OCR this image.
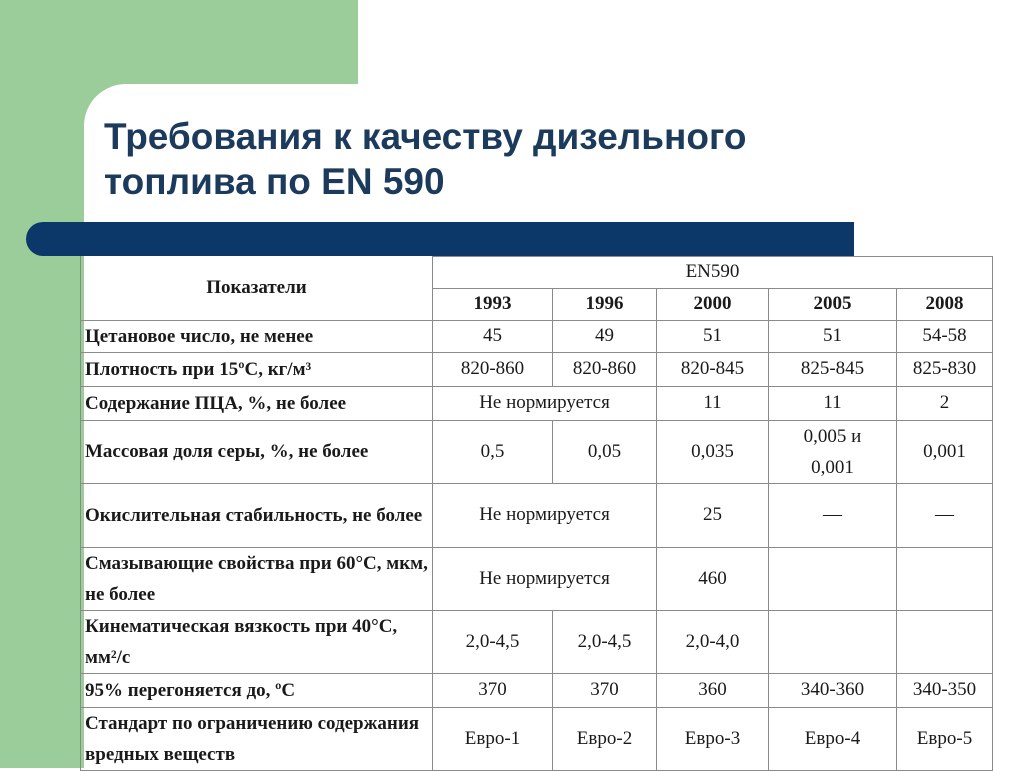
Требования к качеству дизельного
топлива по EN 590
Показатели	EN590				
	1993	1996	2000	2005	2008
Цетановое число, не менее	45	49	51	51	54-58
Плотность при 15ºС, кг/м³	820-860	820-860	820-845	825-845	825-830
Содержание ПЦА, %, не более	Не нормируется		11	11	2
Массовая доля серы, %, не более	0,5	0,05	0,035	0,005 и 0,001	0,001
Окислительная стабильность, не более	Не нормируется		25	—	—
Смазывающие свойства при 60°С, мкм, не более	Не нормируется		460		
Кинематическая вязкость при 40°С, мм²/с	2,0-4,5	2,0-4,5	2,0-4,0		
95% перегоняется до, ºС	370	370	360	340-360	340-350
Стандарт по ограничению содержания вредных веществ	Евро-1	Евро-2	Евро-3	Евро-4	Евро-5
